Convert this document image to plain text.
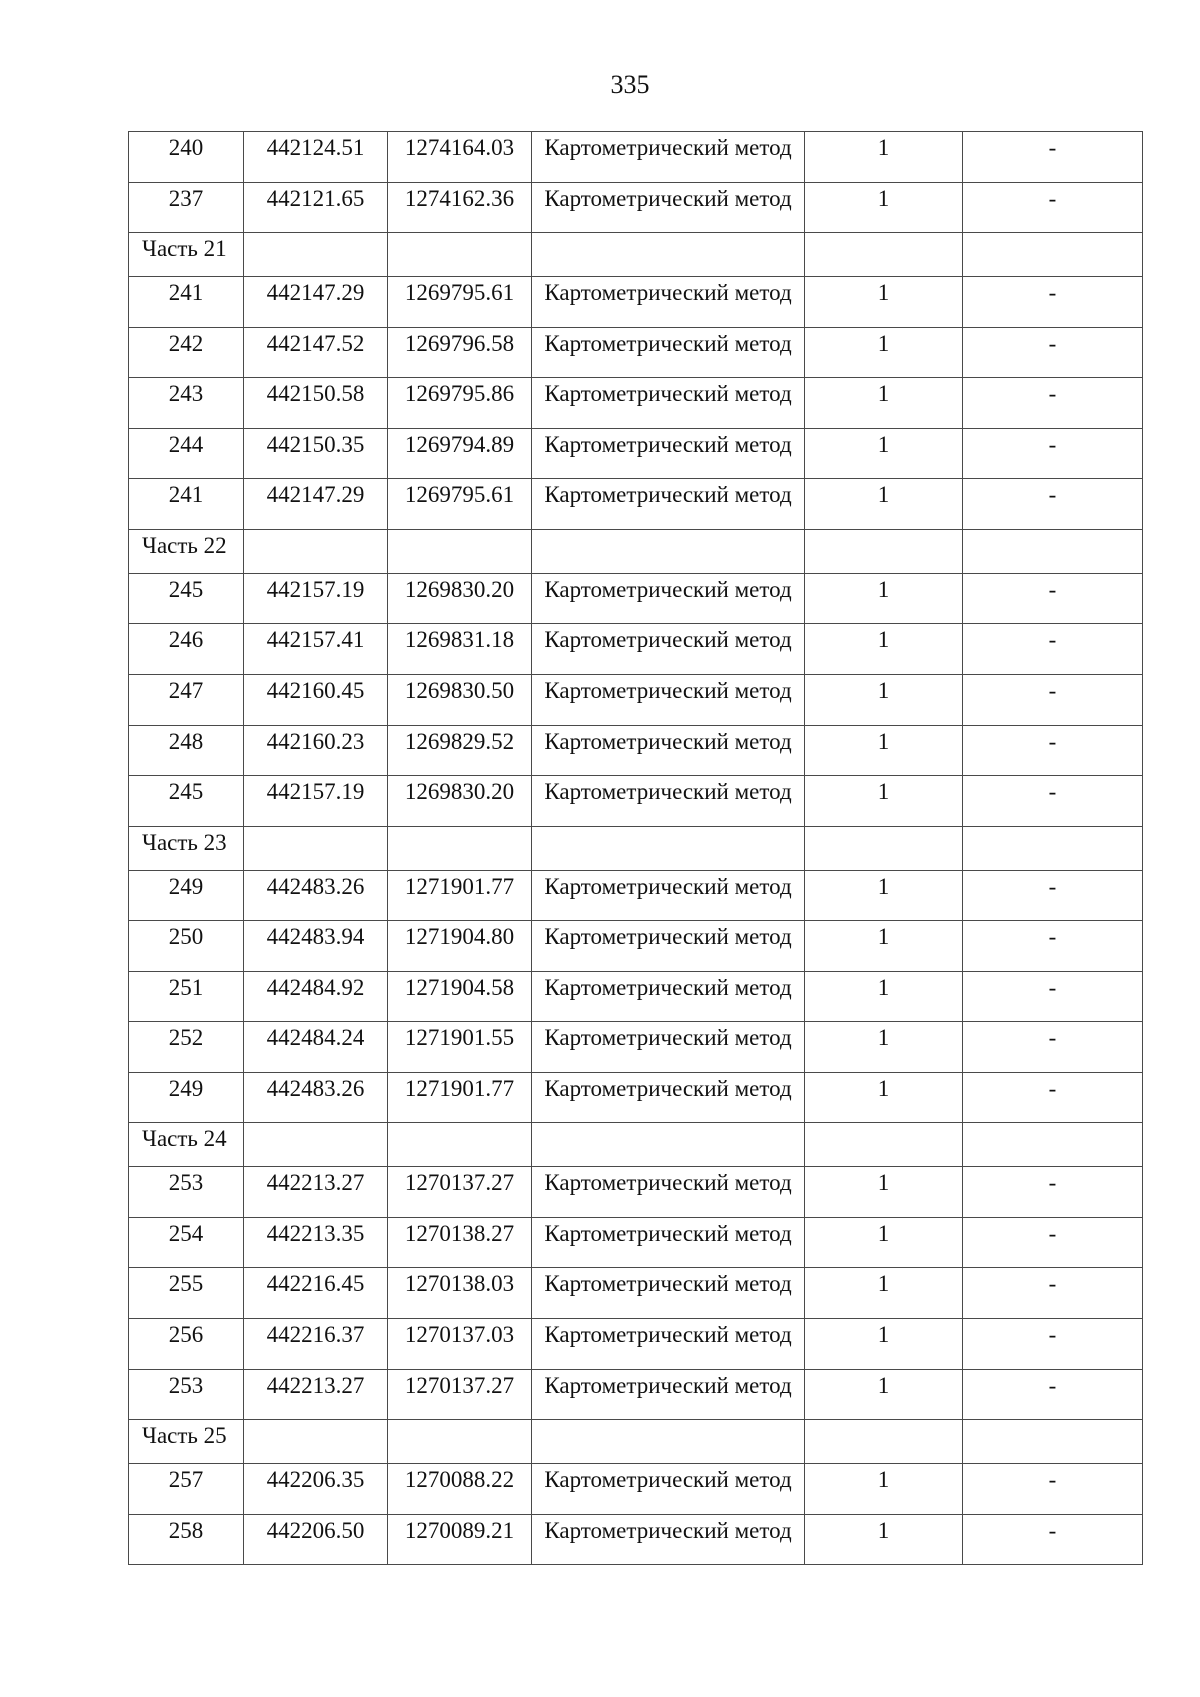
335
240	442124.51	1274164.03	Картометрический метод	1	-

237	442121.65	1274162.36	Картометрический метод	1	-

Часть 21					

241	442147.29	1269795.61	Картометрический метод	1	-

242	442147.52	1269796.58	Картометрический метод	1	-

243	442150.58	1269795.86	Картометрический метод	1	-

244	442150.35	1269794.89	Картометрический метод	1	-

241	442147.29	1269795.61	Картометрический метод	1	-

Часть 22					

245	442157.19	1269830.20	Картометрический метод	1	-

246	442157.41	1269831.18	Картометрический метод	1	-

247	442160.45	1269830.50	Картометрический метод	1	-

248	442160.23	1269829.52	Картометрический метод	1	-

245	442157.19	1269830.20	Картометрический метод	1	-

Часть 23					

249	442483.26	1271901.77	Картометрический метод	1	-

250	442483.94	1271904.80	Картометрический метод	1	-

251	442484.92	1271904.58	Картометрический метод	1	-

252	442484.24	1271901.55	Картометрический метод	1	-

249	442483.26	1271901.77	Картометрический метод	1	-

Часть 24					

253	442213.27	1270137.27	Картометрический метод	1	-

254	442213.35	1270138.27	Картометрический метод	1	-

255	442216.45	1270138.03	Картометрический метод	1	-

256	442216.37	1270137.03	Картометрический метод	1	-

253	442213.27	1270137.27	Картометрический метод	1	-

Часть 25					

257	442206.35	1270088.22	Картометрический метод	1	-

258	442206.50	1270089.21	Картометрический метод	1	-
